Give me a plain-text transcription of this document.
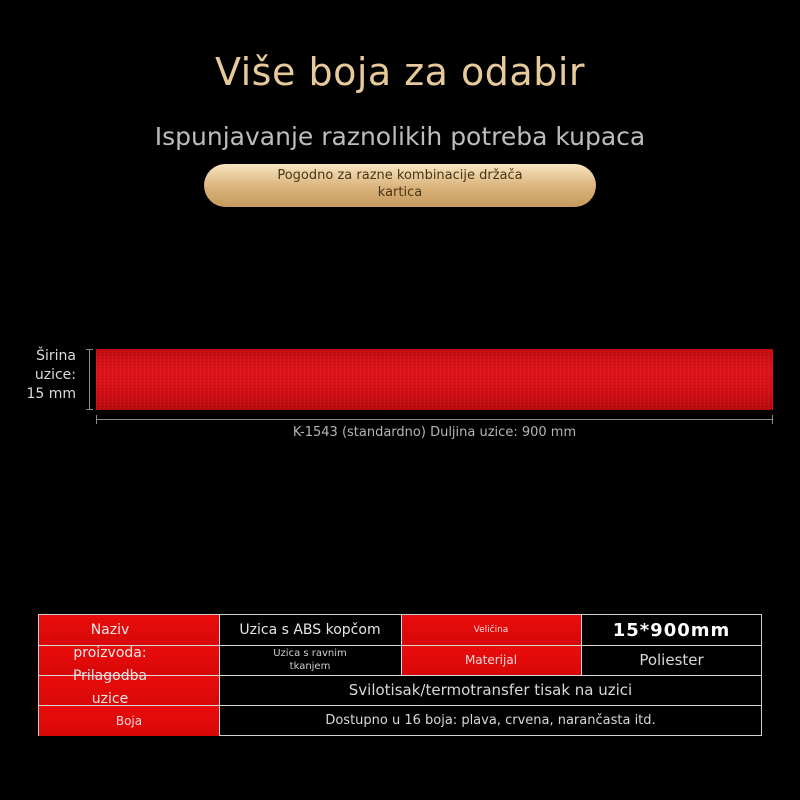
Više boja za odabir
Ispunjavanje raznolikih potreba kupaca
Pogodno za razne kombinacije držača
kartica
Širina
uzice:
15 mm
K-1543 (standardno) Duljina uzice: 900 mm
Boja
Veličina
Materijal
Uzica s ABS kopčom
Uzica s ravnim
tkanjem
15*900mm
Poliester
Svilotisak/termotransfer tisak na uzici
Dostupno u 16 boja: plava, crvena, narančasta itd.
Naziv
proizvoda:
Prilagodba
uzice
